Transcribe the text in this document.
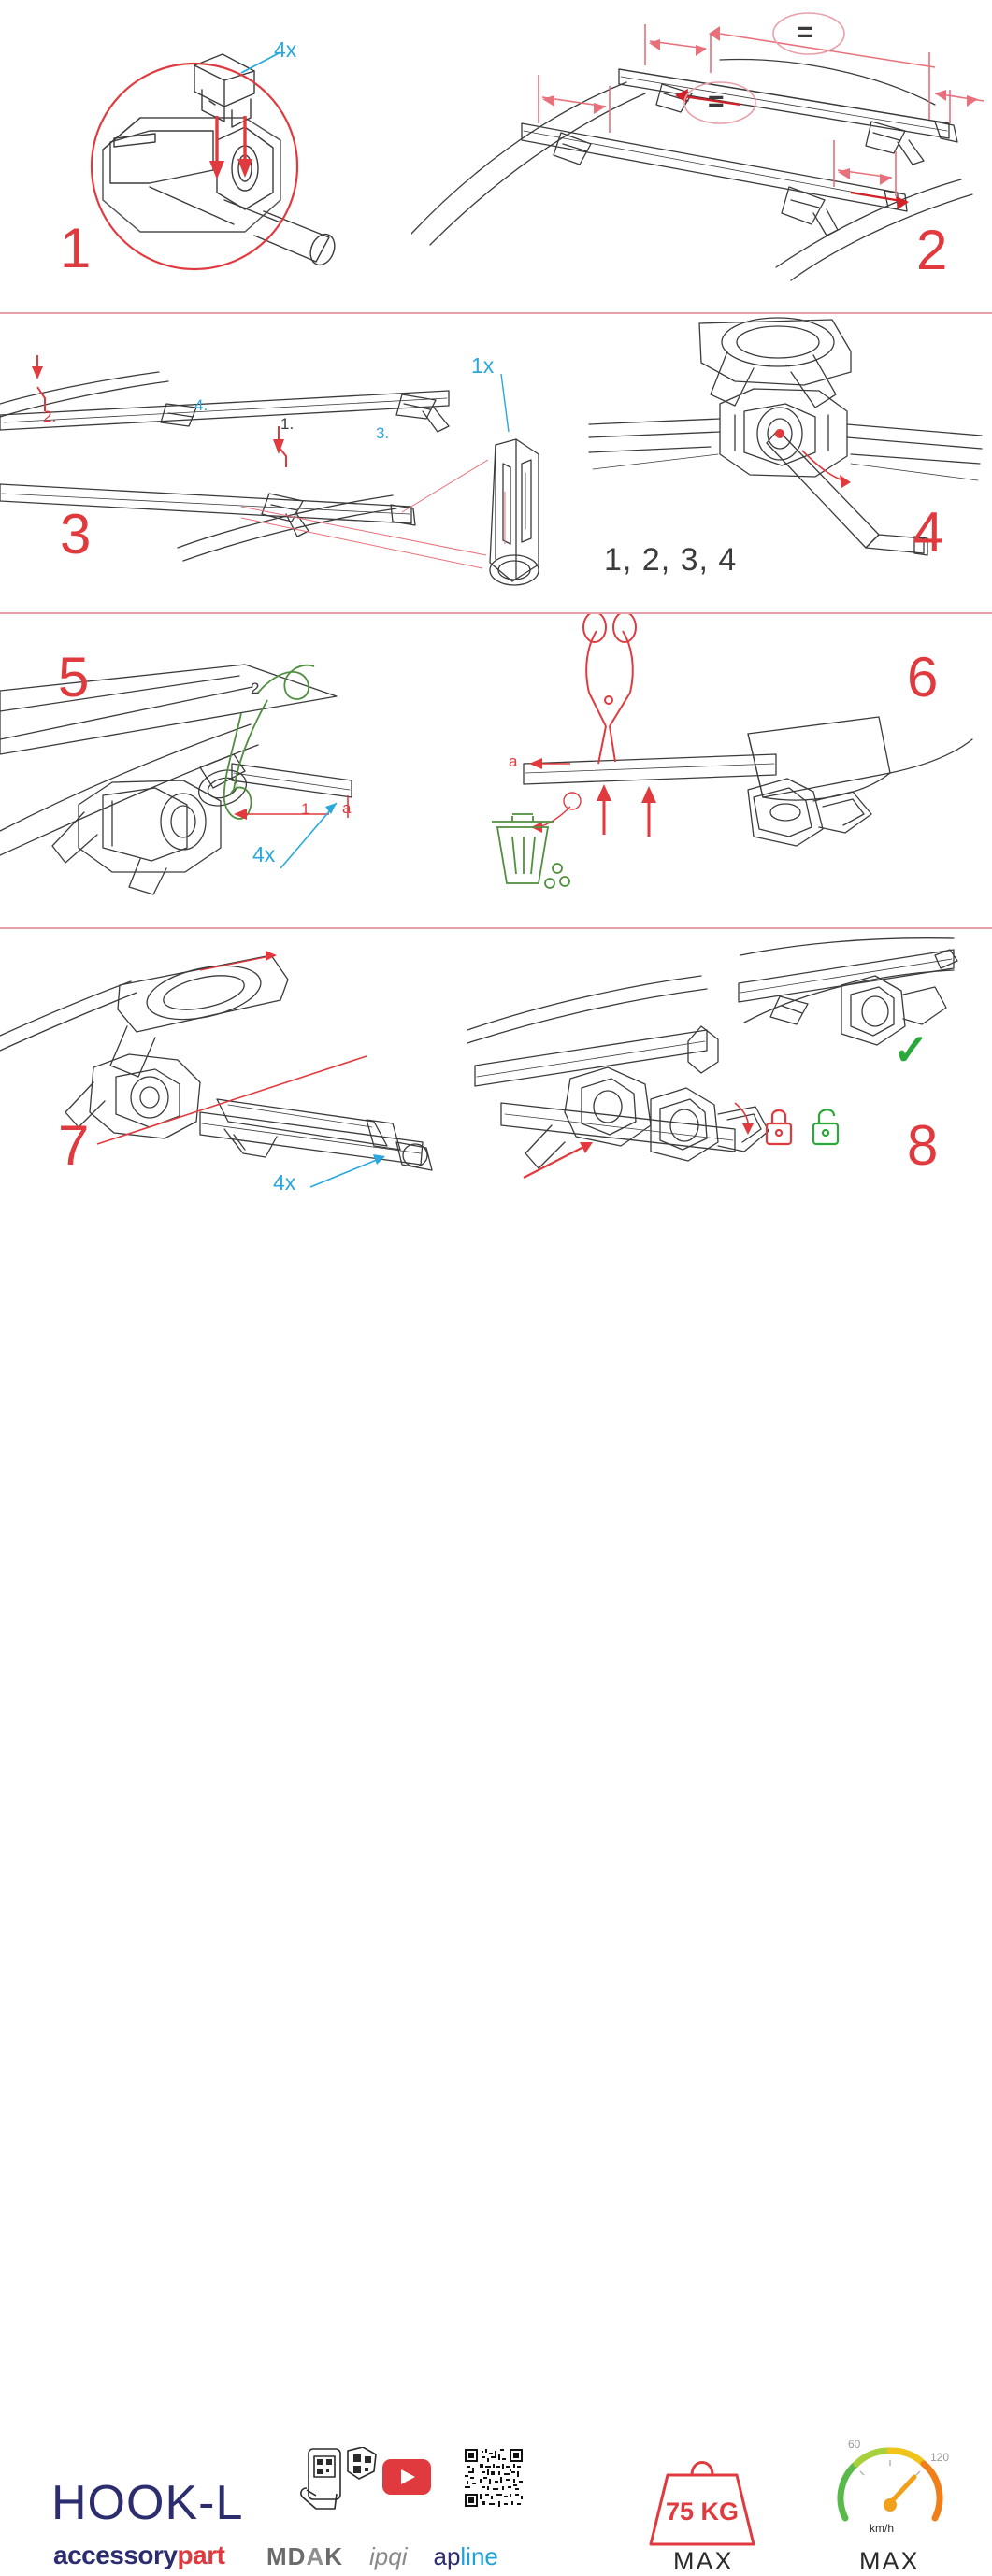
4x
1
=
=
2
2.
4.
1.
3.
1x
3	1, 2, 3, 4	4
2
1 a
4x
5
a
6
4x
7
✓
8
HOOK-L
accessorypart MDAK ipqi apline
75 KG
MAX
60
120
km/h
MAX
